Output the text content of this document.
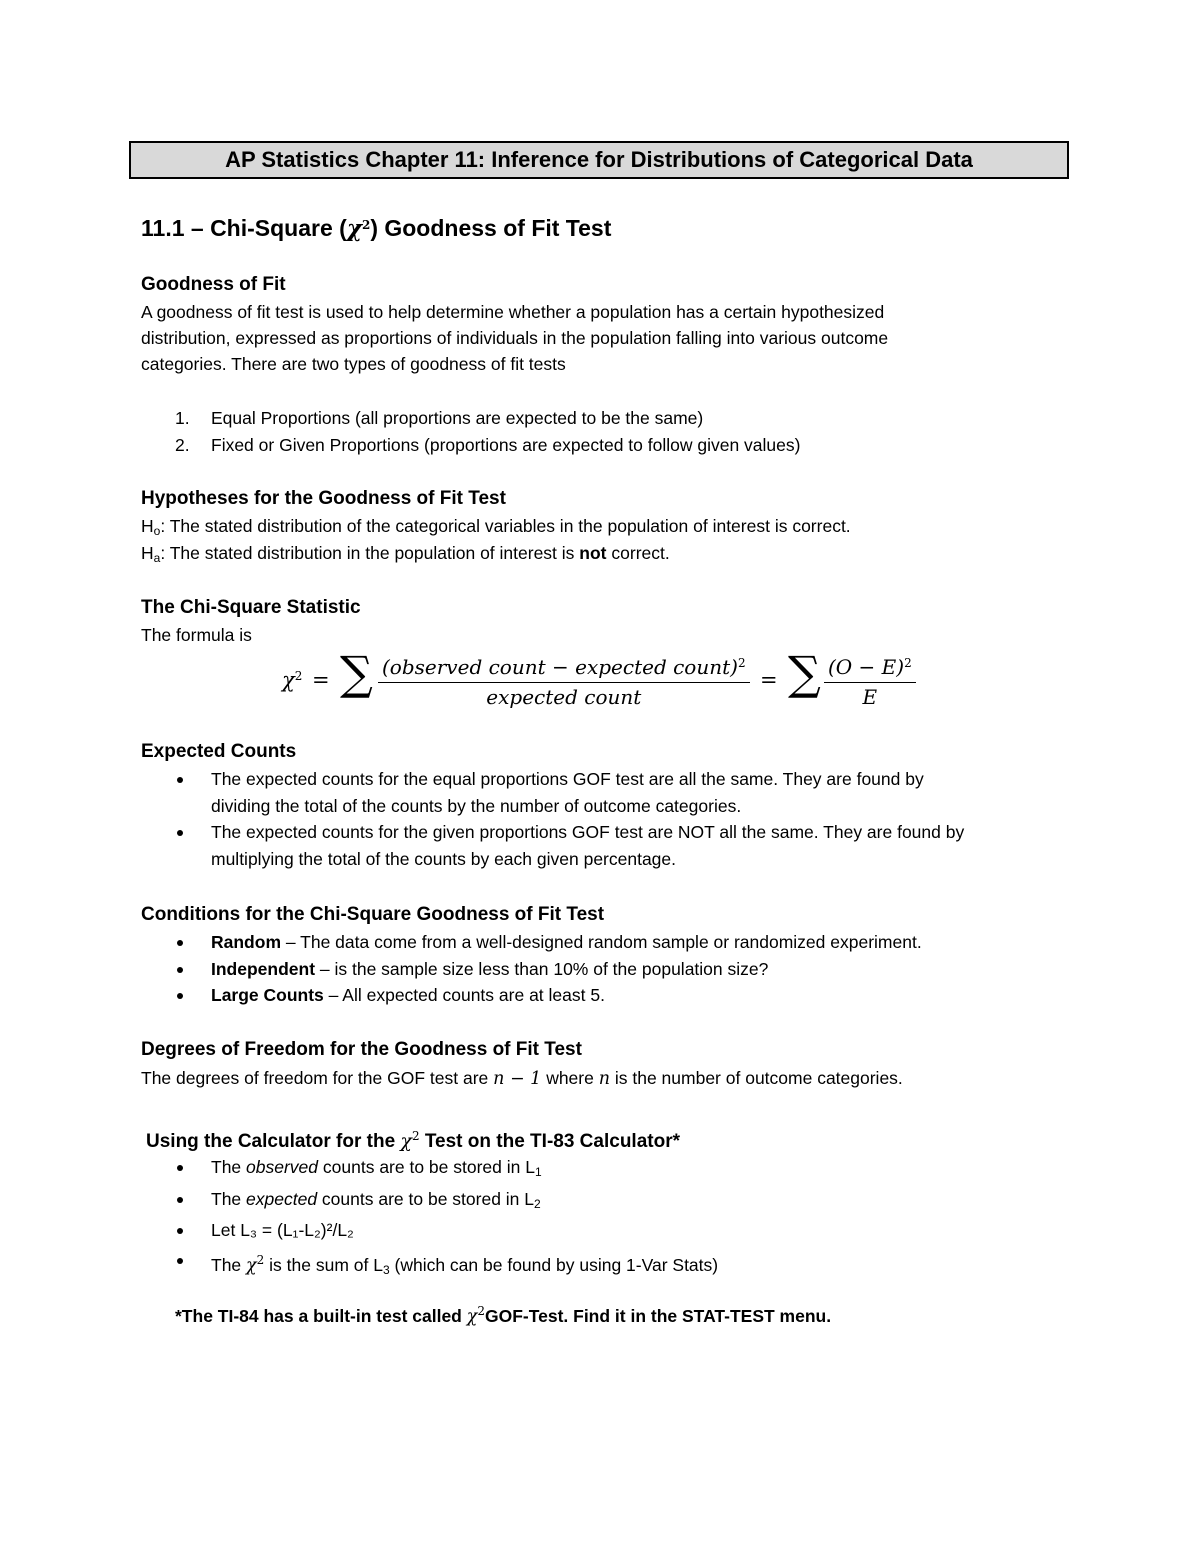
AP Statistics Chapter 11: Inference for Distributions of Categorical Data
11.1 – Chi-Square $(\chi^2)$ Goodness of Fit Test
Goodness of Fit
A goodness of fit test is used to help determine whether a population has a certain hypothesized
distribution, expressed as proportions of individuals in the population falling into various outcome
categories. There are two types of goodness of fit tests
1. Equal Proportions (all proportions are expected to be the same)
2. Fixed or Given Proportions (proportions are expected to follow given values)
Hypotheses for the Goodness of Fit Test
$H_o$: The stated distribution of the categorical variables in the population of interest is correct.
$H_a$: The stated distribution in the population of interest is not correct.
The Chi-Square Statistic
The formula is
$\chi^2$ = ∑ (observed count − expected count)$^2$
expected count
= ∑ $\frac{(O - E)^2}{E}$
Expected Counts
The expected counts for the equal proportions GOF test are all the same. They are found by
dividing the total of the counts by the number of outcome categories.
The expected counts for the given proportions GOF test are NOT all the same. They are found by
multiplying the total of the counts by each given percentage.
Conditions for the Chi-Square Goodness of Fit Test
Random – The data come from a well-designed random sample or randomized experiment.
Independent – is the sample size less than 10% of the population size?
Large Counts – All expected counts are at least 5.
Degrees of Freedom for the Goodness of Fit Test
The degrees of freedom for the GOF test are n − 1 where n is the number of outcome categories.
Using the Calculator for the $\chi^2$ Test on the TI-83 Calculator*
The observed counts are to be stored in $L_1$
The expected counts are to be stored in $L_2$
Let L₃ = (L₁-L₂)²/L₂
The $\chi^2$ is the sum of $L_3$ (which can be found by using 1-Var Stats)
*The TI-84 has a built-in test called $\chi^2GOF$-Test. Find it in the STAT-TEST menu.
